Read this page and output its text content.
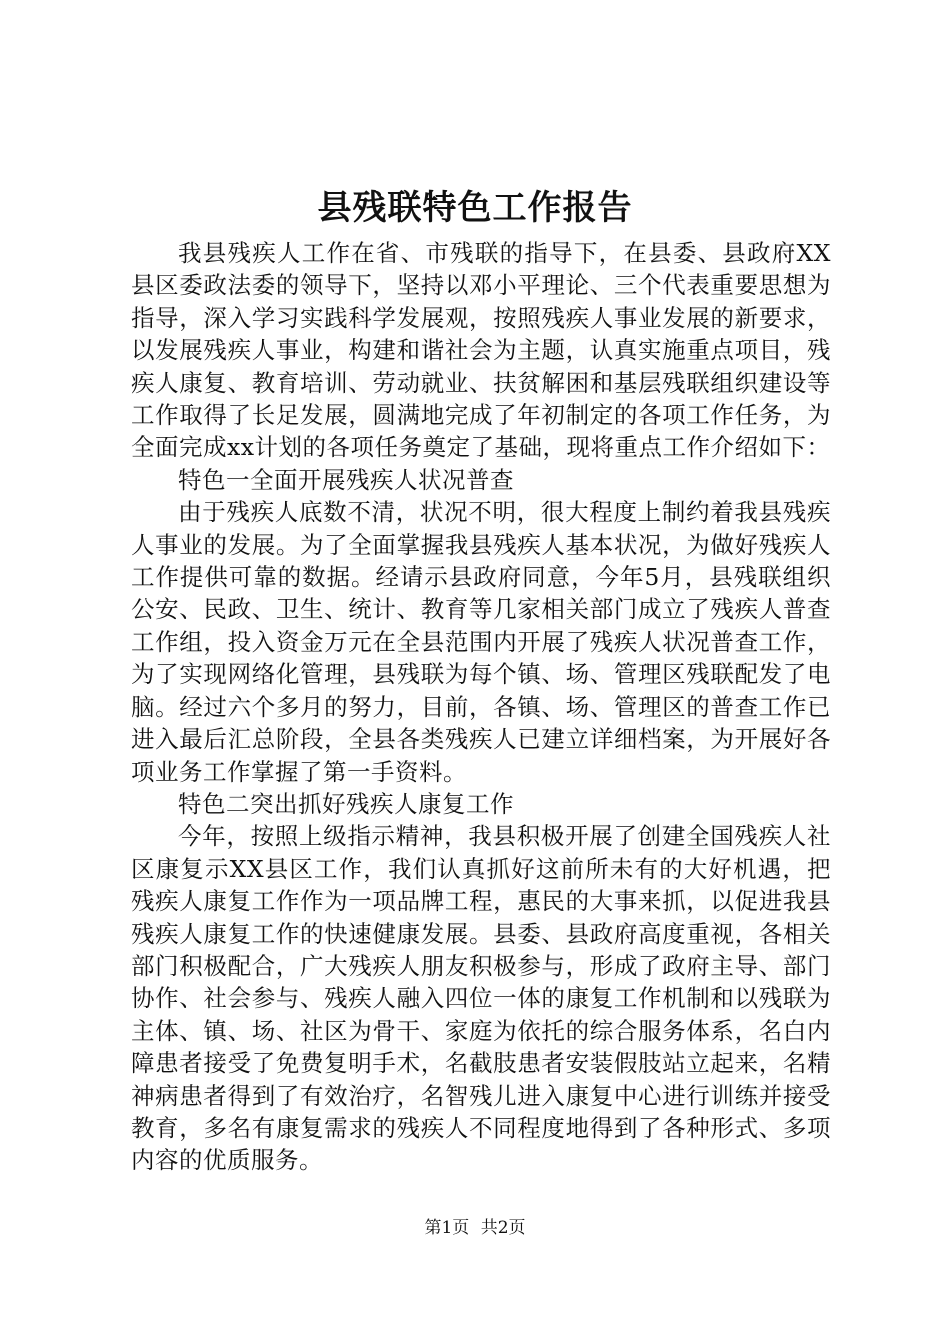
县残联特色工作报告

我县残疾人工作在省、市残联的指导下，在县委、县政府XX县区委政法委的领导下，坚持以邓小平理论、三个代表重要思想为指导，深入学习实践科学发展观，按照残疾人事业发展的新要求，以发展残疾人事业，构建和谐社会为主题，认真实施重点项目，残疾人康复、教育培训、劳动就业、扶贫解困和基层残联组织建设等工作取得了长足发展，圆满地完成了年初制定的各项工作任务，为全面完成xx计划的各项任务奠定了基础，现将重点工作介绍如下：

特色一全面开展残疾人状况普查

由于残疾人底数不清，状况不明，很大程度上制约着我县残疾人事业的发展。为了全面掌握我县残疾人基本状况，为做好残疾人工作提供可靠的数据。经请示县政府同意，今年5月，县残联组织公安、民政、卫生、统计、教育等几家相关部门成立了残疾人普查工作组，投入资金万元在全县范围内开展了残疾人状况普查工作，为了实现网络化管理，县残联为每个镇、场、管理区残联配发了电脑。经过六个多月的努力，目前，各镇、场、管理区的普查工作已进入最后汇总阶段，全县各类残疾人已建立详细档案，为开展好各项业务工作掌握了第一手资料。

特色二突出抓好残疾人康复工作

今年，按照上级指示精神，我县积极开展了创建全国残疾人社区康复示XX县区工作，我们认真抓好这前所未有的大好机遇，把残疾人康复工作作为一项品牌工程，惠民的大事来抓，以促进我县残疾人康复工作的快速健康发展。县委、县政府高度重视，各相关部门积极配合，广大残疾人朋友积极参与，形成了政府主导、部门协作、社会参与、残疾人融入四位一体的康复工作机制和以残联为主体、镇、场、社区为骨干、家庭为依托的综合服务体系，名白内障患者接受了免费复明手术，名截肢患者安装假肢站立起来，名精神病患者得到了有效治疗，名智残儿进入康复中心进行训练并接受教育，多名有康复需求的残疾人不同程度地得到了各种形式、多项内容的优质服务。

第1页 共2页
